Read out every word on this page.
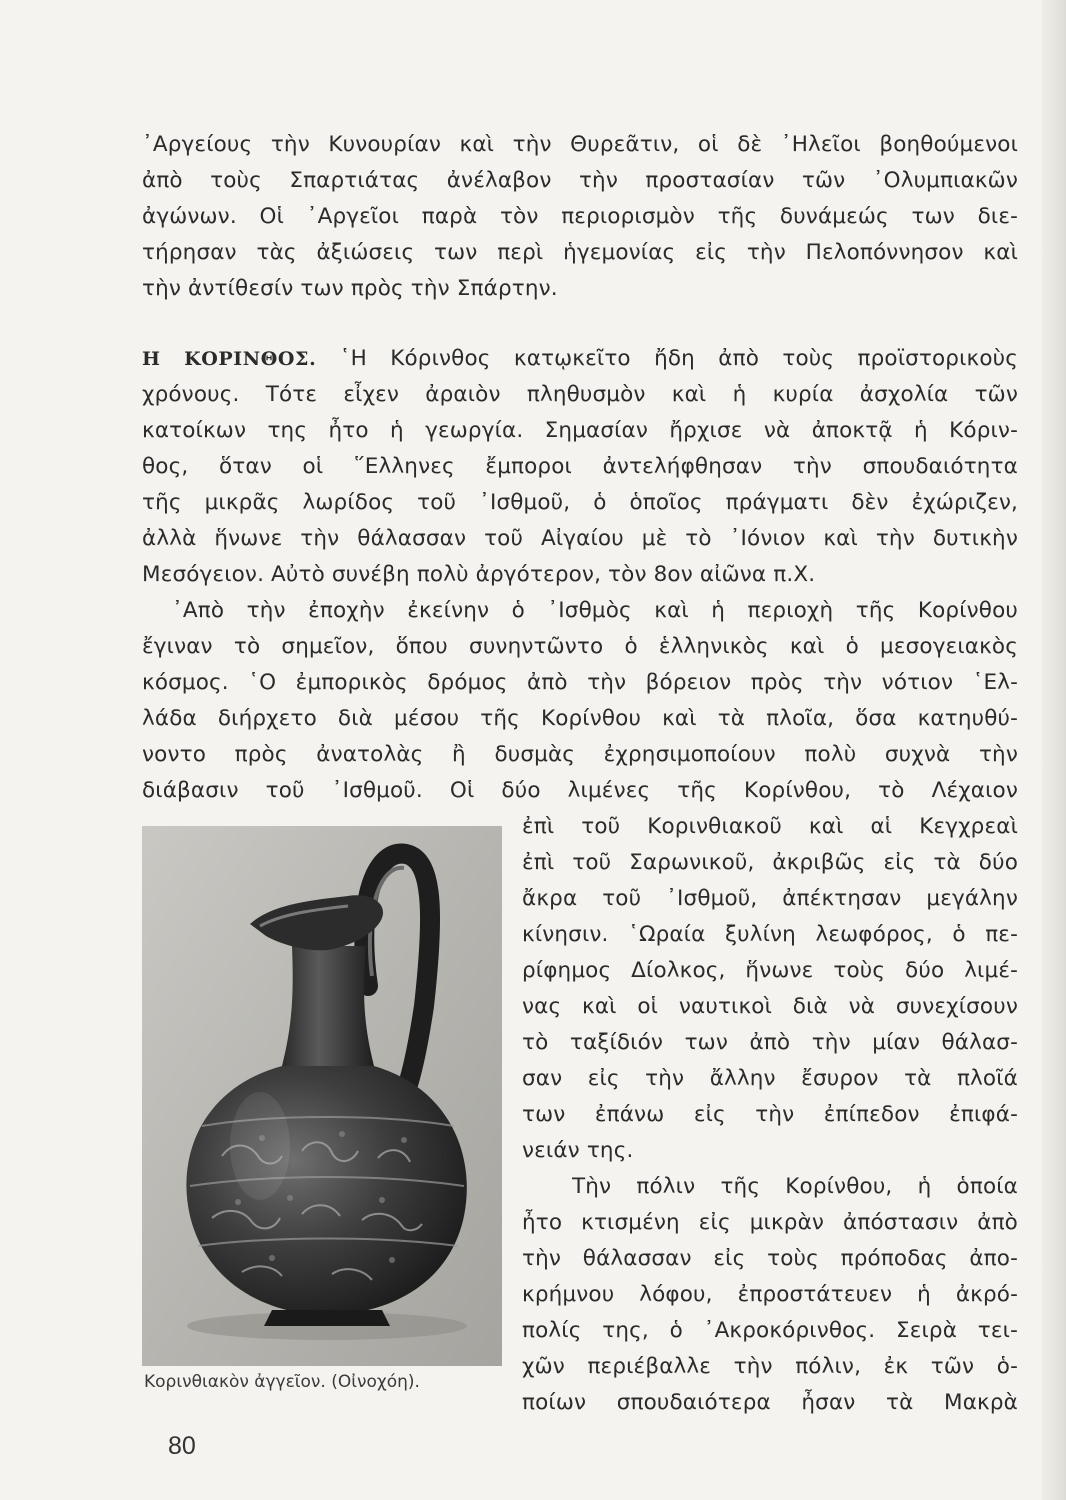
᾿Αργείους τὴν Κυνουρίαν καὶ τὴν Θυρεᾶτιν, οἱ δὲ ᾿Ηλεῖοι βοηθούμενοι
ἀπὸ τοὺς Σπαρτιάτας ἀνέλαβον τὴν προστασίαν τῶν ᾿Ολυμπιακῶν
ἀγώνων. Οἱ ᾿Αργεῖοι παρὰ τὸν περιορισμὸν τῆς δυνάμεώς των διε-
τήρησαν τὰς ἀξιώσεις των περὶ ἡγεμονίας εἰς τὴν Πελοπόννησον καὶ
τὴν ἀντίθεσίν των πρὸς τὴν Σπάρτην.
Η ΚΟΡΙΝΘΟΣ. ῾Η Κόρινθος κατῳκεῖτο ἤδη ἀπὸ τοὺς προϊστορικοὺς
χρόνους. Τότε εἶχεν ἀραιὸν πληθυσμὸν καὶ ἡ κυρία ἀσχολία τῶν
κατοίκων της ἦτο ἡ γεωργία. Σημασίαν ἤρχισε νὰ ἀποκτᾷ ἡ Κόριν-
θος, ὅταν οἱ ῞Ελληνες ἔμποροι ἀντελήφθησαν τὴν σπουδαιότητα
τῆς μικρᾶς λωρίδος τοῦ ᾿Ισθμοῦ, ὁ ὁποῖος πράγματι δὲν ἐχώριζεν,
ἀλλὰ ἥνωνε τὴν θάλασσαν τοῦ Αἰγαίου μὲ τὸ ᾿Ιόνιον καὶ τὴν δυτικὴν
Μεσόγειον. Αὐτὸ συνέβη πολὺ ἀργότερον, τὸν 8ον αἰῶνα π.Χ.
᾿Απὸ τὴν ἐποχὴν ἐκείνην ὁ ᾿Ισθμὸς καὶ ἡ περιοχὴ τῆς Κορίνθου
ἔγιναν τὸ σημεῖον, ὅπου συνηντῶντο ὁ ἑλληνικὸς καὶ ὁ μεσογειακὸς
κόσμος. ῾Ο ἐμπορικὸς δρόμος ἀπὸ τὴν βόρειον πρὸς τὴν νότιον ῾Ελ-
λάδα διήρχετο διὰ μέσου τῆς Κορίνθου καὶ τὰ πλοῖα, ὅσα κατηυθύ-
νοντο πρὸς ἀνατολὰς ἢ δυσμὰς ἐχρησιμοποίουν πολὺ συχνὰ τὴν
διάβασιν τοῦ ᾿Ισθμοῦ. Οἱ δύο λιμένες τῆς Κορίνθου, τὸ Λέχαιον
ἐπὶ τοῦ Κορινθιακοῦ καὶ αἱ Κεγχρεαὶ
ἐπὶ τοῦ Σαρωνικοῦ, ἀκριβῶς εἰς τὰ δύο
ἄκρα τοῦ ᾿Ισθμοῦ, ἀπέκτησαν μεγάλην
κίνησιν. ῾Ωραία ξυλίνη λεωφόρος, ὁ πε-
ρίφημος Δίολκος, ἥνωνε τοὺς δύο λιμέ-
νας καὶ οἱ ναυτικοὶ διὰ νὰ συνεχίσουν
τὸ ταξίδιόν των ἀπὸ τὴν μίαν θάλασ-
σαν εἰς τὴν ἄλλην ἔσυρον τὰ πλοῖά
των ἐπάνω εἰς τὴν ἐπίπεδον ἐπιφά-
νειάν της.
Τὴν πόλιν τῆς Κορίνθου, ἡ ὁποία
ἦτο κτισμένη εἰς μικρὰν ἀπόστασιν ἀπὸ
τὴν θάλασσαν εἰς τοὺς πρόποδας ἀπο-
κρήμνου λόφου, ἐπροστάτευεν ἡ ἀκρό-
πολίς της, ὁ ᾿Ακροκόρινθος. Σειρὰ τει-
χῶν περιέβαλλε τὴν πόλιν, ἐκ τῶν ὁ-
ποίων σπουδαιότερα ἦσαν τὰ Μακρὰ
Κορινθιακὸν ἀγγεῖον. (Οἰνοχόη).
80
